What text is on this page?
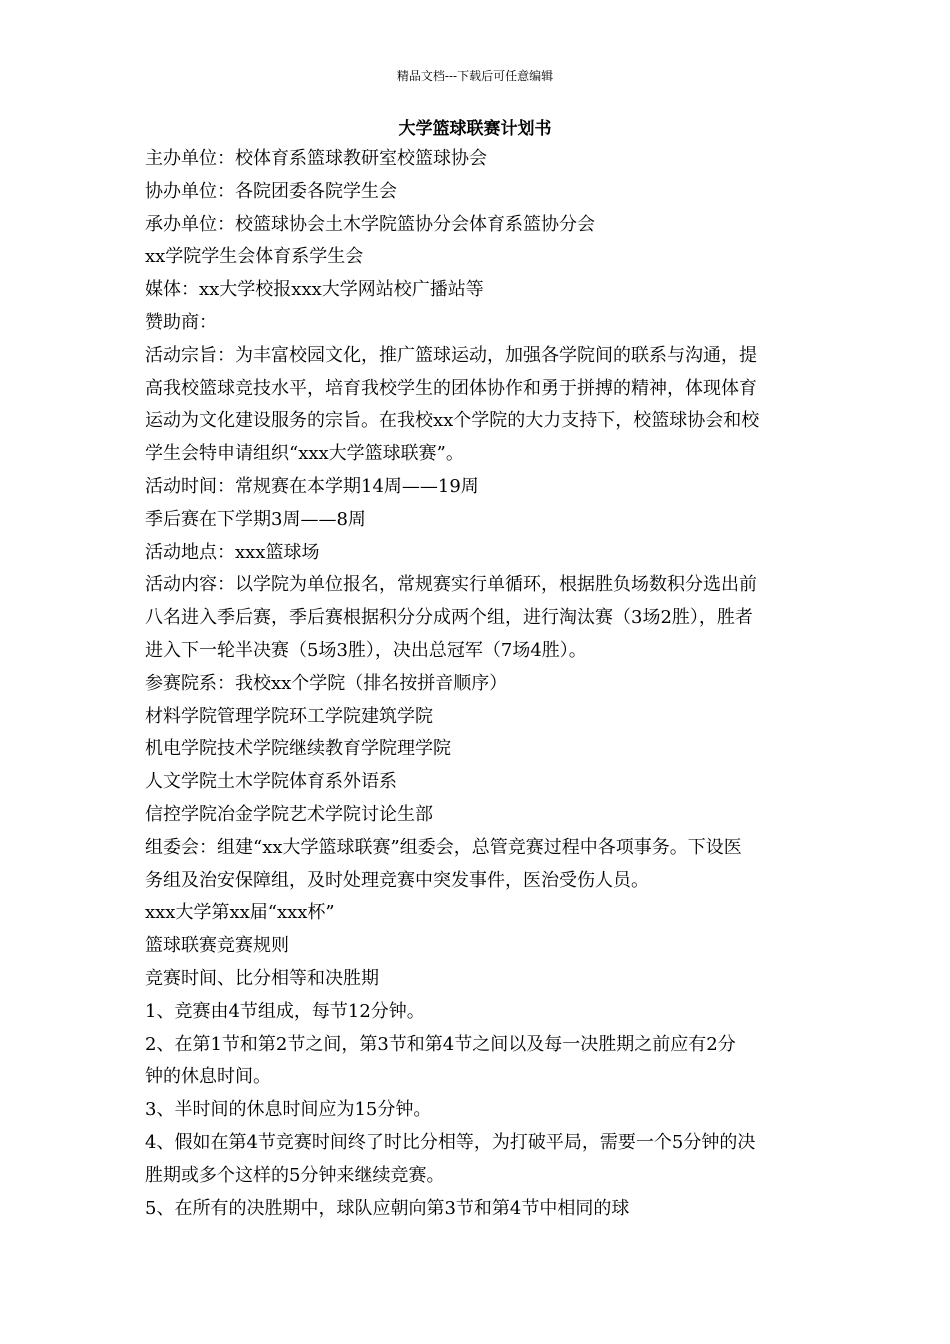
精品文档---下载后可任意编辑
大学篮球联赛计划书
主办单位：校体育系篮球教研室校篮球协会
协办单位：各院团委各院学生会
承办单位：校篮球协会土木学院篮协分会体育系篮协分会
xx学院学生会体育系学生会
媒体：xx大学校报xxx大学网站校广播站等
赞助商：
活动宗旨：为丰富校园文化，推广篮球运动，加强各学院间的联系与沟通，提
高我校篮球竞技水平，培育我校学生的团体协作和勇于拼搏的精神，体现体育
运动为文化建设服务的宗旨。在我校xx个学院的大力支持下，校篮球协会和校
学生会特申请组织“xxx大学篮球联赛”。
活动时间：常规赛在本学期14周——19周
季后赛在下学期3周——8周
活动地点：xxx篮球场
活动内容：以学院为单位报名，常规赛实行单循环，根据胜负场数积分选出前
八名进入季后赛，季后赛根据积分分成两个组，进行淘汰赛（3场2胜），胜者
进入下一轮半决赛（5场3胜），决出总冠军（7场4胜）。
参赛院系：我校xx个学院（排名按拼音顺序）
材料学院管理学院环工学院建筑学院
机电学院技术学院继续教育学院理学院
人文学院土木学院体育系外语系
信控学院冶金学院艺术学院讨论生部
组委会：组建“xx大学篮球联赛”组委会，总管竞赛过程中各项事务。下设医
务组及治安保障组，及时处理竞赛中突发事件，医治受伤人员。
xxx大学第xx届“xxx杯”
篮球联赛竞赛规则
竞赛时间、比分相等和决胜期
1、竞赛由4节组成，每节12分钟。
2、在第1节和第2节之间，第3节和第4节之间以及每一决胜期之前应有2分
钟的休息时间。
3、半时间的休息时间应为15分钟。
4、假如在第4节竞赛时间终了时比分相等，为打破平局，需要一个5分钟的决
胜期或多个这样的5分钟来继续竞赛。
5、在所有的决胜期中，球队应朝向第3节和第4节中相同的球
